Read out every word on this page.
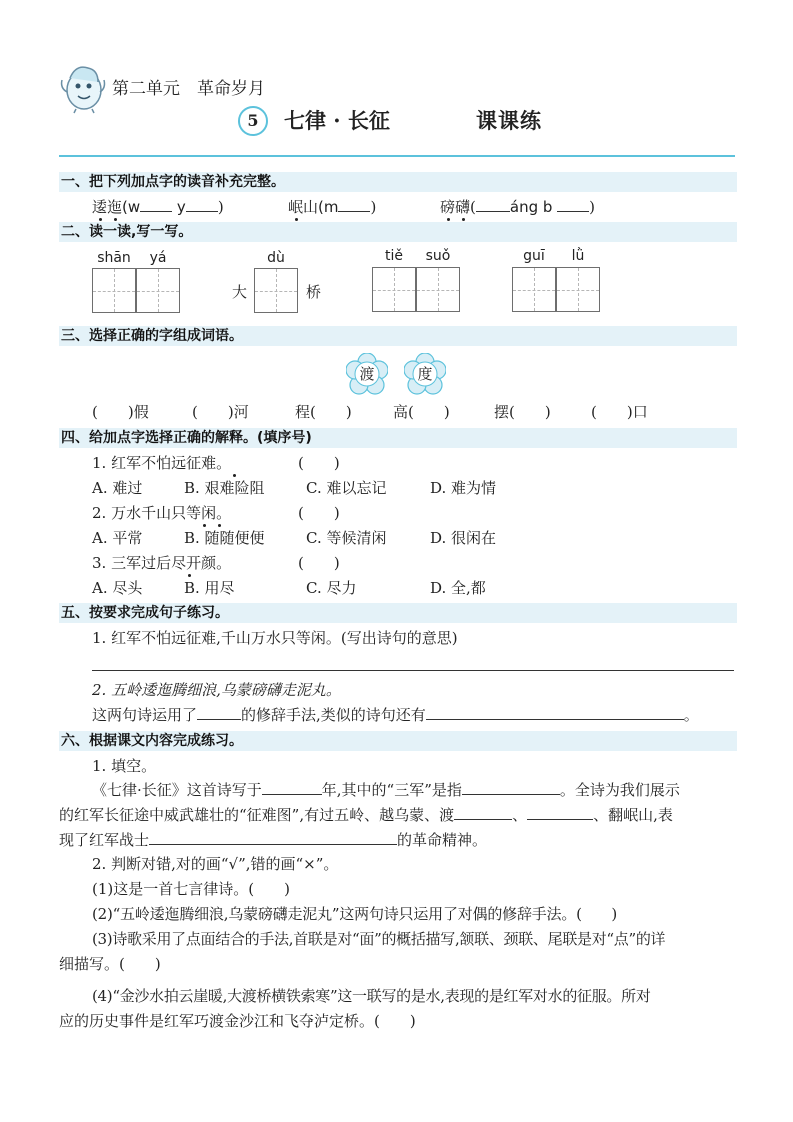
第二单元　革命岁月
5	七律 · 长征	课课练
一、把下列加点字的读音补充完整。
逶迤(w y )	岷山(m )	磅礴( áng b )
二、读一读,写一写。
shān	yá	dù	tiě	suǒ	guī	lǜ
大	桥
三、选择正确的字组成词语。
渡	度
(　　)假	(　　)河	程(　　)	高(　　)	摆(　　)	(　　)口
四、给加点字选择正确的解释。(填序号)
1. 红军不怕远征难。	(　　)
A. 难过	B. 艰难险阻	C. 难以忘记	D. 难为情
2. 万水千山只等闲。	(　　)
A. 平常	B. 随随便便	C. 等候清闲	D. 很闲在
3. 三军过后尽开颜。	(　　)
A. 尽头	B. 用尽	C. 尽力	D. 全,都
五、按要求完成句子练习。
1. 红军不怕远征难,千山万水只等闲。(写出诗句的意思)
2. 五岭逶迤腾细浪,乌蒙磅礴走泥丸。
这两句诗运用了	的修辞手法,类似的诗句还有	。
六、根据课文内容完成练习。
1. 填空。
《七律·长征》这首诗写于	年,其中的“三军”是指	。全诗为我们展示
的红军长征途中威武雄壮的“征难图”,有过五岭、越乌蒙、渡	、	、翻岷山,表
现了红军战士	的革命精神。
2. 判断对错,对的画“√”,错的画“×”。
(1)这是一首七言律诗。(　　)
(2)“五岭逶迤腾细浪,乌蒙磅礴走泥丸”这两句诗只运用了对偶的修辞手法。(　　)
(3)诗歌采用了点面结合的手法,首联是对“面”的概括描写,颔联、颈联、尾联是对“点”的详
细描写。(　　)
(4)“金沙水拍云崖暖,大渡桥横铁索寒”这一联写的是水,表现的是红军对水的征服。所对
应的历史事件是红军巧渡金沙江和飞夺泸定桥。(　　)
